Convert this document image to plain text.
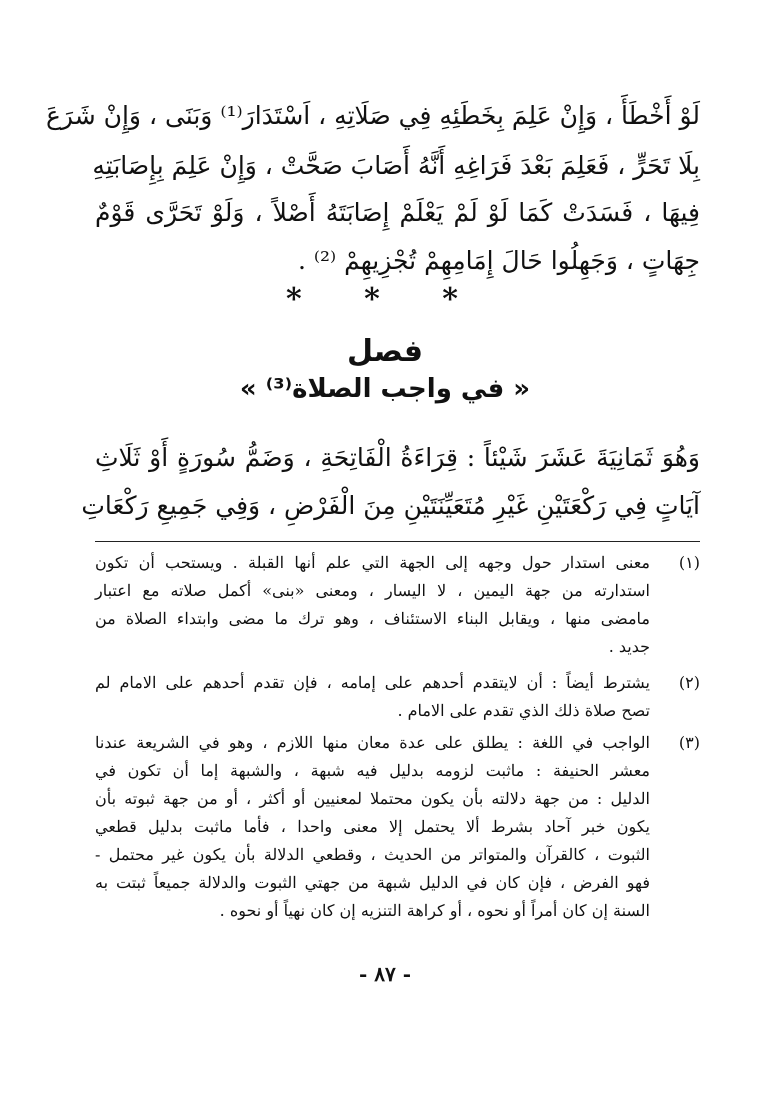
لَوْ أَخْطَأَ ، وَإِنْ عَلِمَ بِخَطَئِهِ فِي صَلَاتِهِ ، اَسْتَدَارَ⁽¹⁾ وَبَنَى ، وَإِنْ شَرَعَ
بِلَا تَحَرٍّ ، فَعَلِمَ بَعْدَ فَرَاغِهِ أَنَّهُ أَصَابَ صَحَّتْ ، وَإِنْ عَلِمَ بِإِصَابَتِهِ
فِيهَا ، فَسَدَتْ كَمَا لَوْ لَمْ يَعْلَمْ إِصَابَتَهُ أَصْلاً ، وَلَوْ تَحَرَّى قَوْمٌ
جِهَاتٍ ، وَجَهِلُوا حَالَ إِمَامِهِمْ تُجْزِيهِمْ ⁽²⁾ .
* * *
فصل
« في واجب الصلاة⁽³⁾ »
وَهُوَ ثَمَانِيَةَ عَشَرَ شَيْئاً : قِرَاءَةُ الْفَاتِحَةِ ، وَضَمُّ سُورَةٍ أَوْ ثَلَاثِ
آيَاتٍ فِي رَكْعَتَيْنِ غَيْرِ مُتَعَيِّنَتَيْنِ مِنَ الْفَرْضِ ، وَفِي جَمِيعِ رَكْعَاتِ
(١)
معنى استدار حول وجهه إلى الجهة التي علم أنها القبلة . ويستحب أن تكون
استدارته من جهة اليمين ، لا اليسار ، ومعنى «بنى» أكمل صلاته مع اعتبار
مامضى منها ، ويقابل البناء الاستئناف ، وهو ترك ما مضى وابتداء الصلاة من
جديد .
(٢)
يشترط أيضاً : أن لايتقدم أحدهم على إمامه ، فإن تقدم أحدهم على الامام لم
تصح صلاة ذلك الذي تقدم على الامام .
(٣)
الواجب في اللغة : يطلق على عدة معان منها اللازم ، وهو في الشريعة عندنا
معشر الحنيفة : ماثبت لزومه بدليل فيه شبهة ، والشبهة إما أن تكون في
الدليل : من جهة دلالته بأن يكون محتملا لمعنيين أو أكثر ، أو من جهة ثبوته بأن
يكون خبر آحاد بشرط ألا يحتمل إلا معنى واحدا ، فأما ماثبت بدليل قطعي
الثبوت ، كالقرآن والمتواتر من الحديث ، وقطعي الدلالة بأن يكون غير محتمل -
فهو الفرض ، فإن كان في الدليل شبهة من جهتي الثبوت والدلالة جميعاً ثبتت به
السنة إن كان أمراً أو نحوه ، أو كراهة التنزيه إن كان نهياً أو نحوه .
- ٨٧ -
